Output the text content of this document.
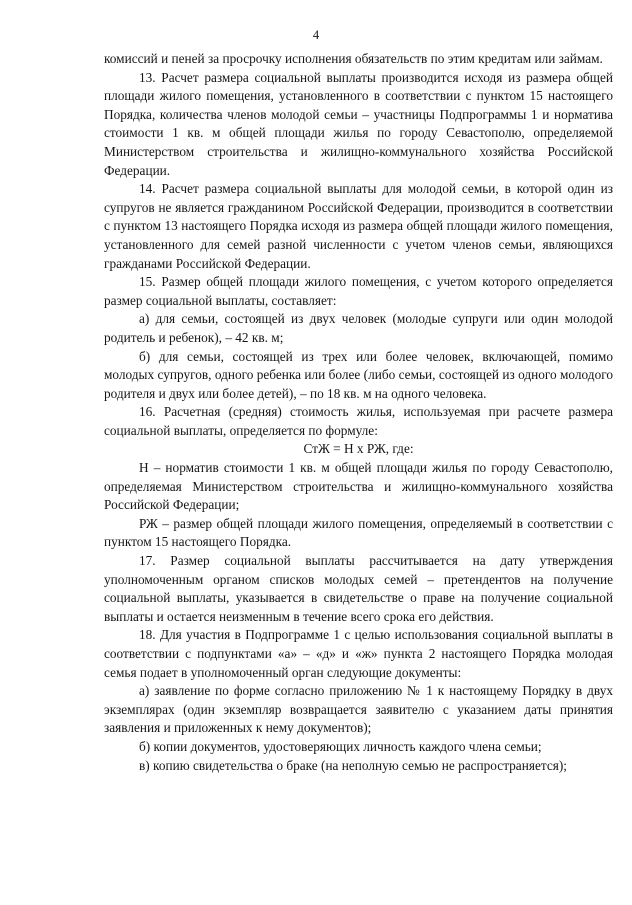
4

комиссий и пеней за просрочку исполнения обязательств по этим кредитам или займам.

13. Расчет размера социальной выплаты производится исходя из размера общей площади жилого помещения, установленного в соответствии с пунктом 15 настоящего Порядка, количества членов молодой семьи – участницы Подпрограммы 1 и норматива стоимости 1 кв. м общей площади жилья по городу Севастополю, определяемой Министерством строительства и жилищно-коммунального хозяйства Российской Федерации.

14. Расчет размера социальной выплаты для молодой семьи, в которой один из супругов не является гражданином Российской Федерации, производится в соответствии с пунктом 13 настоящего Порядка исходя из размера общей площади жилого помещения, установленного для семей разной численности с учетом членов семьи, являющихся гражданами Российской Федерации.

15. Размер общей площади жилого помещения, с учетом которого определяется размер социальной выплаты, составляет:

а) для семьи, состоящей из двух человек (молодые супруги или один молодой родитель и ребенок), – 42 кв. м;

б) для семьи, состоящей из трех или более человек, включающей, помимо молодых супругов, одного ребенка или более (либо семьи, состоящей из одного молодого родителя и двух или более детей), – по 18 кв. м на одного человека.

16. Расчетная (средняя) стоимость жилья, используемая при расчете размера социальной выплаты, определяется по формуле:

СтЖ = Н х РЖ, где:

Н – норматив стоимости 1 кв. м общей площади жилья по городу Севастополю, определяемая Министерством строительства и жилищно-коммунального хозяйства Российской Федерации;

РЖ – размер общей площади жилого помещения, определяемый в соответствии с пунктом 15 настоящего Порядка.

17. Размер социальной выплаты рассчитывается на дату утверждения уполномоченным органом списков молодых семей – претендентов на получение социальной выплаты, указывается в свидетельстве о праве на получение социальной выплаты и остается неизменным в течение всего срока его действия.

18. Для участия в Подпрограмме 1 с целью использования социальной выплаты в соответствии с подпунктами «а» – «д» и «ж» пункта 2 настоящего Порядка молодая семья подает в уполномоченный орган следующие документы:

а) заявление по форме согласно приложению № 1 к настоящему Порядку в двух экземплярах (один экземпляр возвращается заявителю с указанием даты принятия заявления и приложенных к нему документов);

б) копии документов, удостоверяющих личность каждого члена семьи;

в) копию свидетельства о браке (на неполную семью не распространяется);
